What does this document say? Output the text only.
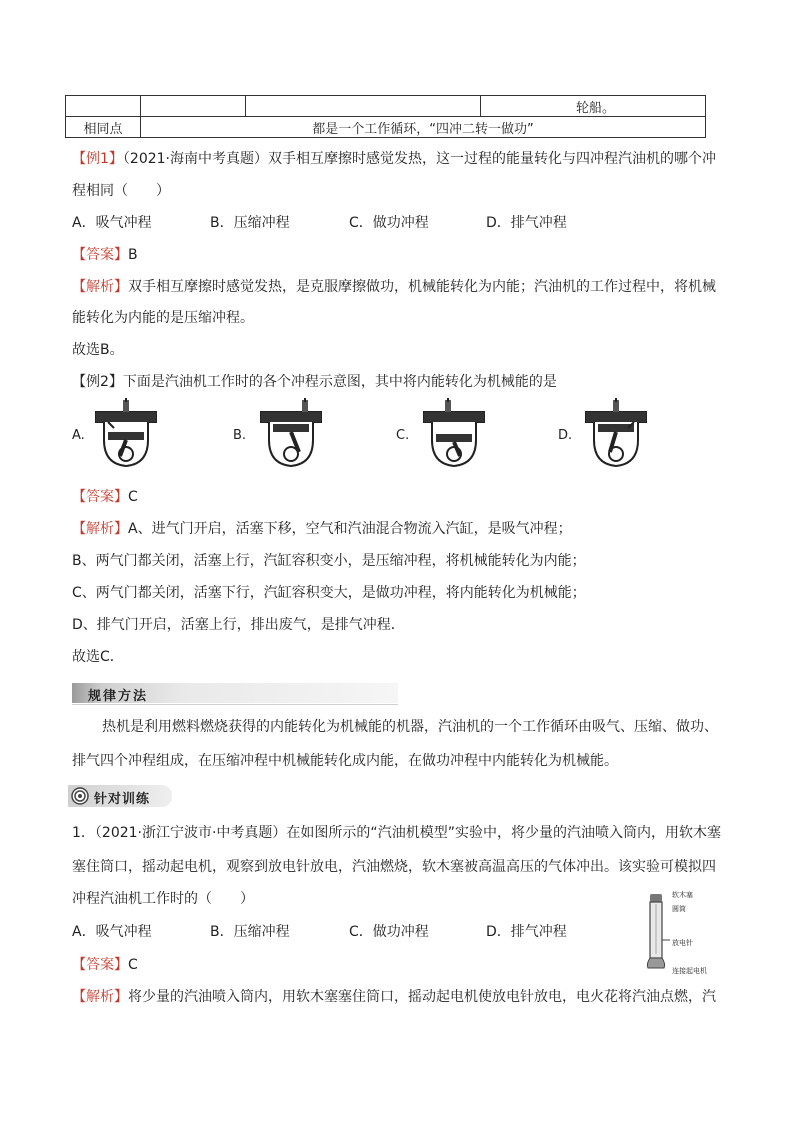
			轮船。
相同点	都是一个工作循环，“四冲二转一做功”		
【例1】（2021·海南中考真题）双手相互摩擦时感觉发热，这一过程的能量转化与四冲程汽油机的哪个冲
程相同（　　）
A．吸气冲程	B．压缩冲程	C．做功冲程	D．排气冲程
【答案】B
【解析】双手相互摩擦时感觉发热，是克服摩擦做功，机械能转化为内能；汽油机的工作过程中，将机械
能转化为内能的是压缩冲程。
故选B。
【例2】下面是汽油机工作时的各个冲程示意图，其中将内能转化为机械能的是
A.	B.	C.	D.
【答案】C
【解析】A、进气门开启，活塞下移，空气和汽油混合物流入汽缸，是吸气冲程；
B、两气门都关闭，活塞上行，汽缸容积变小，是压缩冲程，将机械能转化为内能；
C、两气门都关闭，活塞下行，汽缸容积变大，是做功冲程，将内能转化为机械能；
D、排气门开启，活塞上行，排出废气，是排气冲程．
故选C．
规律方法
热机是利用燃料燃烧获得的内能转化为机械能的机器，汽油机的一个工作循环由吸气、压缩、做功、
排气四个冲程组成，在压缩冲程中机械能转化成内能，在做功冲程中内能转化为机械能。
针对训练
1．（2021·浙江宁波市·中考真题）在如图所示的“汽油机模型”实验中，将少量的汽油喷入筒内，用软木塞
塞住筒口，摇动起电机，观察到放电针放电，汽油燃烧，软木塞被高温高压的气体冲出。该实验可模拟四
冲程汽油机工作时的（　　）
A．吸气冲程	B．压缩冲程	C．做功冲程	D．排气冲程
软木塞
圆筒
放电针
连接起电机
【答案】C
【解析】将少量的汽油喷入筒内，用软木塞塞住筒口，摇动起电机使放电针放电，电火花将汽油点燃，汽
